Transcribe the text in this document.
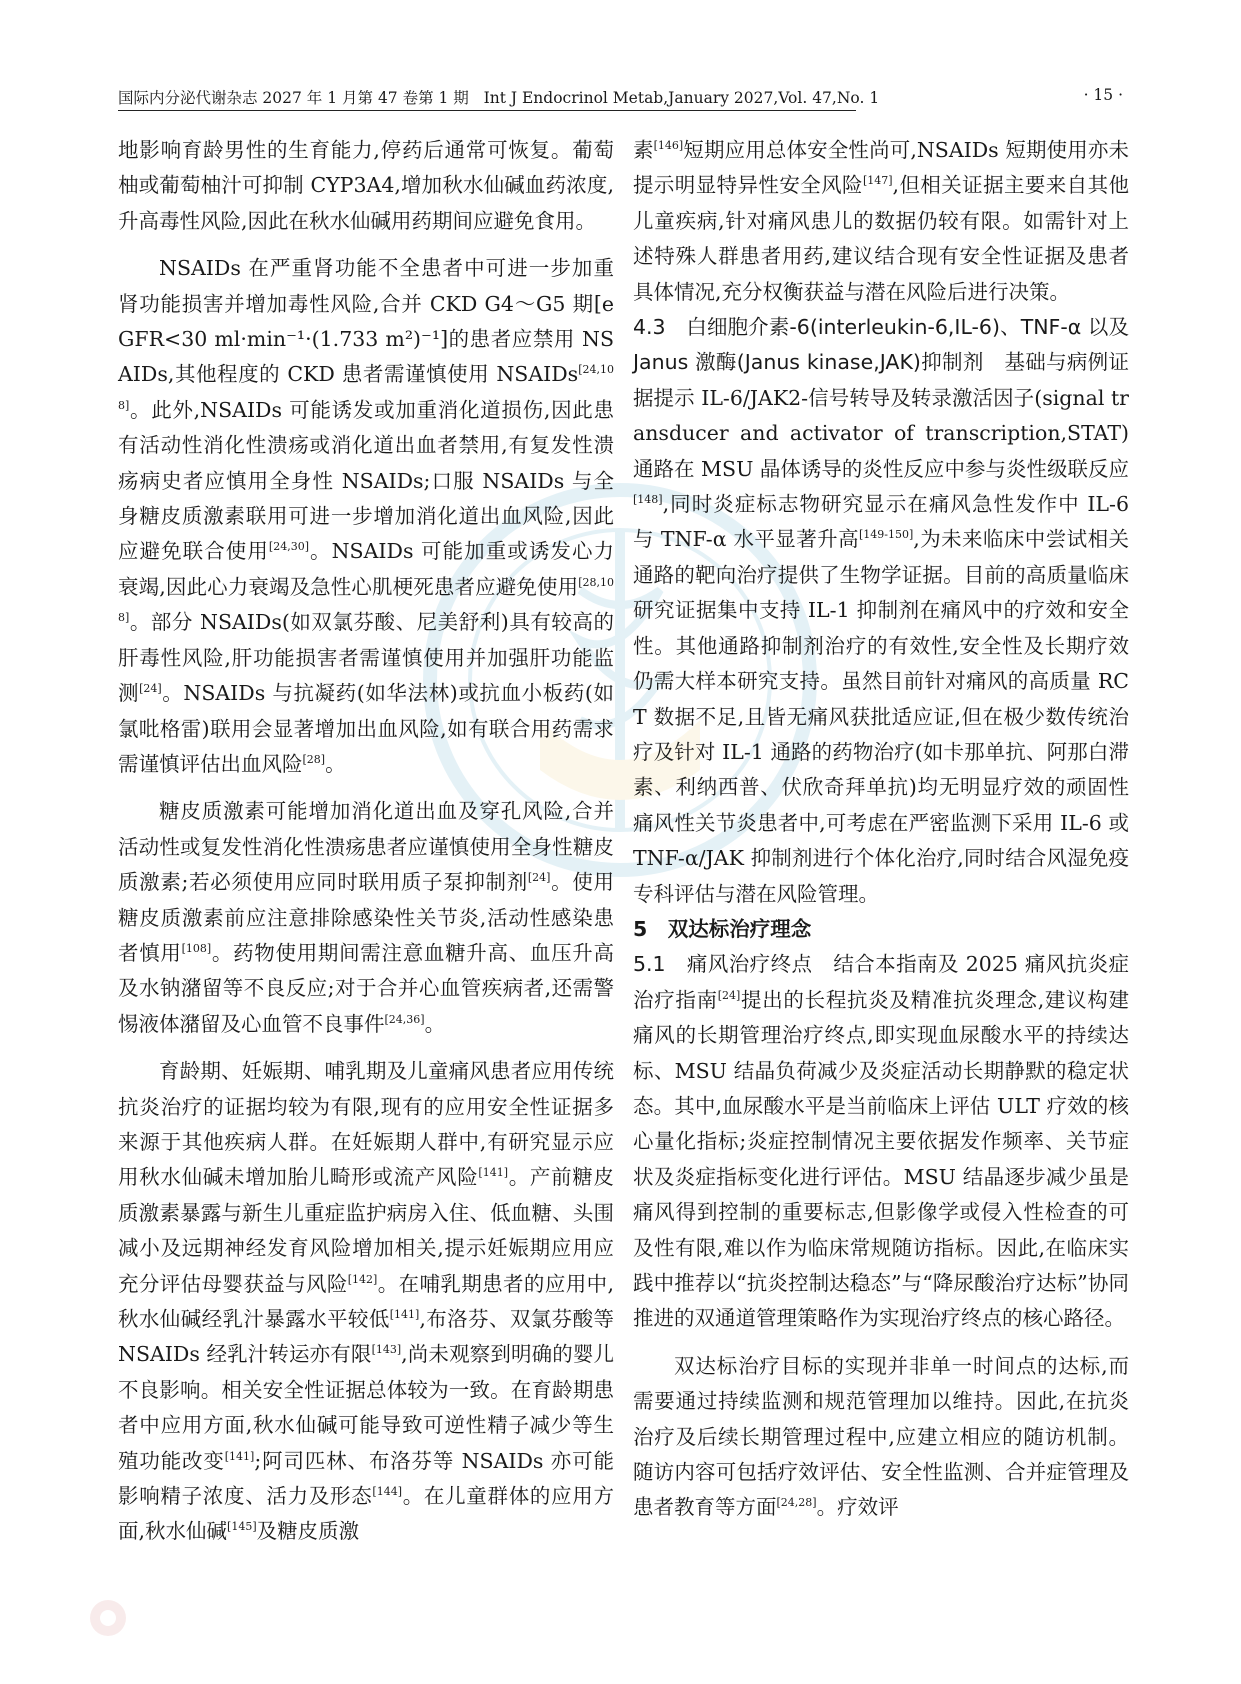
国际内分泌代谢杂志 2027 年 1 月第 47 卷第 1 期 Int J Endocrinol Metab,January 2027,Vol. 47,No. 1	· 15 ·

地影响育龄男性的生育能力,停药后通常可恢复。葡萄柚或葡萄柚汁可抑制 CYP3A4,增加秋水仙碱血药浓度,升高毒性风险,因此在秋水仙碱用药期间应避免食用。

NSAIDs 在严重肾功能不全患者中可进一步加重肾功能损害并增加毒性风险,合并 CKD G4～G5 期[eGFR<30 ml·min⁻¹·(1.733 m²)⁻¹]的患者应禁用 NSAIDs,其他程度的 CKD 患者需谨慎使用 NSAIDs[24,108]。此外,NSAIDs 可能诱发或加重消化道损伤,因此患有活动性消化性溃疡或消化道出血者禁用,有复发性溃疡病史者应慎用全身性 NSAIDs;口服 NSAIDs 与全身糖皮质激素联用可进一步增加消化道出血风险,因此应避免联合使用[24,30]。NSAIDs 可能加重或诱发心力衰竭,因此心力衰竭及急性心肌梗死患者应避免使用[28,108]。部分 NSAIDs(如双氯芬酸、尼美舒利)具有较高的肝毒性风险,肝功能损害者需谨慎使用并加强肝功能监测[24]。NSAIDs 与抗凝药(如华法林)或抗血小板药(如氯吡格雷)联用会显著增加出血风险,如有联合用药需求需谨慎评估出血风险[28]。

糖皮质激素可能增加消化道出血及穿孔风险,合并活动性或复发性消化性溃疡患者应谨慎使用全身性糖皮质激素;若必须使用应同时联用质子泵抑制剂[24]。使用糖皮质激素前应注意排除感染性关节炎,活动性感染患者慎用[108]。药物使用期间需注意血糖升高、血压升高及水钠潴留等不良反应;对于合并心血管疾病者,还需警惕液体潴留及心血管不良事件[24,36]。

育龄期、妊娠期、哺乳期及儿童痛风患者应用传统抗炎治疗的证据均较为有限,现有的应用安全性证据多来源于其他疾病人群。在妊娠期人群中,有研究显示应用秋水仙碱未增加胎儿畸形或流产风险[141]。产前糖皮质激素暴露与新生儿重症监护病房入住、低血糖、头围减小及远期神经发育风险增加相关,提示妊娠期应用应充分评估母婴获益与风险[142]。在哺乳期患者的应用中,秋水仙碱经乳汁暴露水平较低[141],布洛芬、双氯芬酸等 NSAIDs 经乳汁转运亦有限[143],尚未观察到明确的婴儿不良影响。相关安全性证据总体较为一致。在育龄期患者中应用方面,秋水仙碱可能导致可逆性精子减少等生殖功能改变[141];阿司匹林、布洛芬等 NSAIDs 亦可能影响精子浓度、活力及形态[144]。在儿童群体的应用方面,秋水仙碱[145]及糖皮质激

素[146]短期应用总体安全性尚可,NSAIDs 短期使用亦未提示明显特异性安全风险[147],但相关证据主要来自其他儿童疾病,针对痛风患儿的数据仍较有限。如需针对上述特殊人群患者用药,建议结合现有安全性证据及患者具体情况,充分权衡获益与潜在风险后进行决策。

4.3　白细胞介素-6(interleukin-6,IL-6)、TNF-α 以及 Janus 激酶(Janus kinase,JAK)抑制剂　基础与病例证据提示 IL-6/JAK2-信号转导及转录激活因子(signal transducer and activator of transcription,STAT)通路在 MSU 晶体诱导的炎性反应中参与炎性级联反应[148],同时炎症标志物研究显示在痛风急性发作中 IL-6 与 TNF-α 水平显著升高[149-150],为未来临床中尝试相关通路的靶向治疗提供了生物学证据。目前的高质量临床研究证据集中支持 IL-1 抑制剂在痛风中的疗效和安全性。其他通路抑制剂治疗的有效性,安全性及长期疗效仍需大样本研究支持。虽然目前针对痛风的高质量 RCT 数据不足,且皆无痛风获批适应证,但在极少数传统治疗及针对 IL-1 通路的药物治疗(如卡那单抗、阿那白滞素、利纳西普、伏欣奇拜单抗)均无明显疗效的顽固性痛风性关节炎患者中,可考虑在严密监测下采用 IL-6 或 TNF-α/JAK 抑制剂进行个体化治疗,同时结合风湿免疫专科评估与潜在风险管理。

5　双达标治疗理念

5.1　痛风治疗终点　结合本指南及 2025 痛风抗炎症治疗指南[24]提出的长程抗炎及精准抗炎理念,建议构建痛风的长期管理治疗终点,即实现血尿酸水平的持续达标、MSU 结晶负荷减少及炎症活动长期静默的稳定状态。其中,血尿酸水平是当前临床上评估 ULT 疗效的核心量化指标;炎症控制情况主要依据发作频率、关节症状及炎症指标变化进行评估。MSU 结晶逐步减少虽是痛风得到控制的重要标志,但影像学或侵入性检查的可及性有限,难以作为临床常规随访指标。因此,在临床实践中推荐以“抗炎控制达稳态”与“降尿酸治疗达标”协同推进的双通道管理策略作为实现治疗终点的核心路径。

双达标治疗目标的实现并非单一时间点的达标,而需要通过持续监测和规范管理加以维持。因此,在抗炎治疗及后续长期管理过程中,应建立相应的随访机制。随访内容可包括疗效评估、安全性监测、合并症管理及患者教育等方面[24,28]。疗效评
